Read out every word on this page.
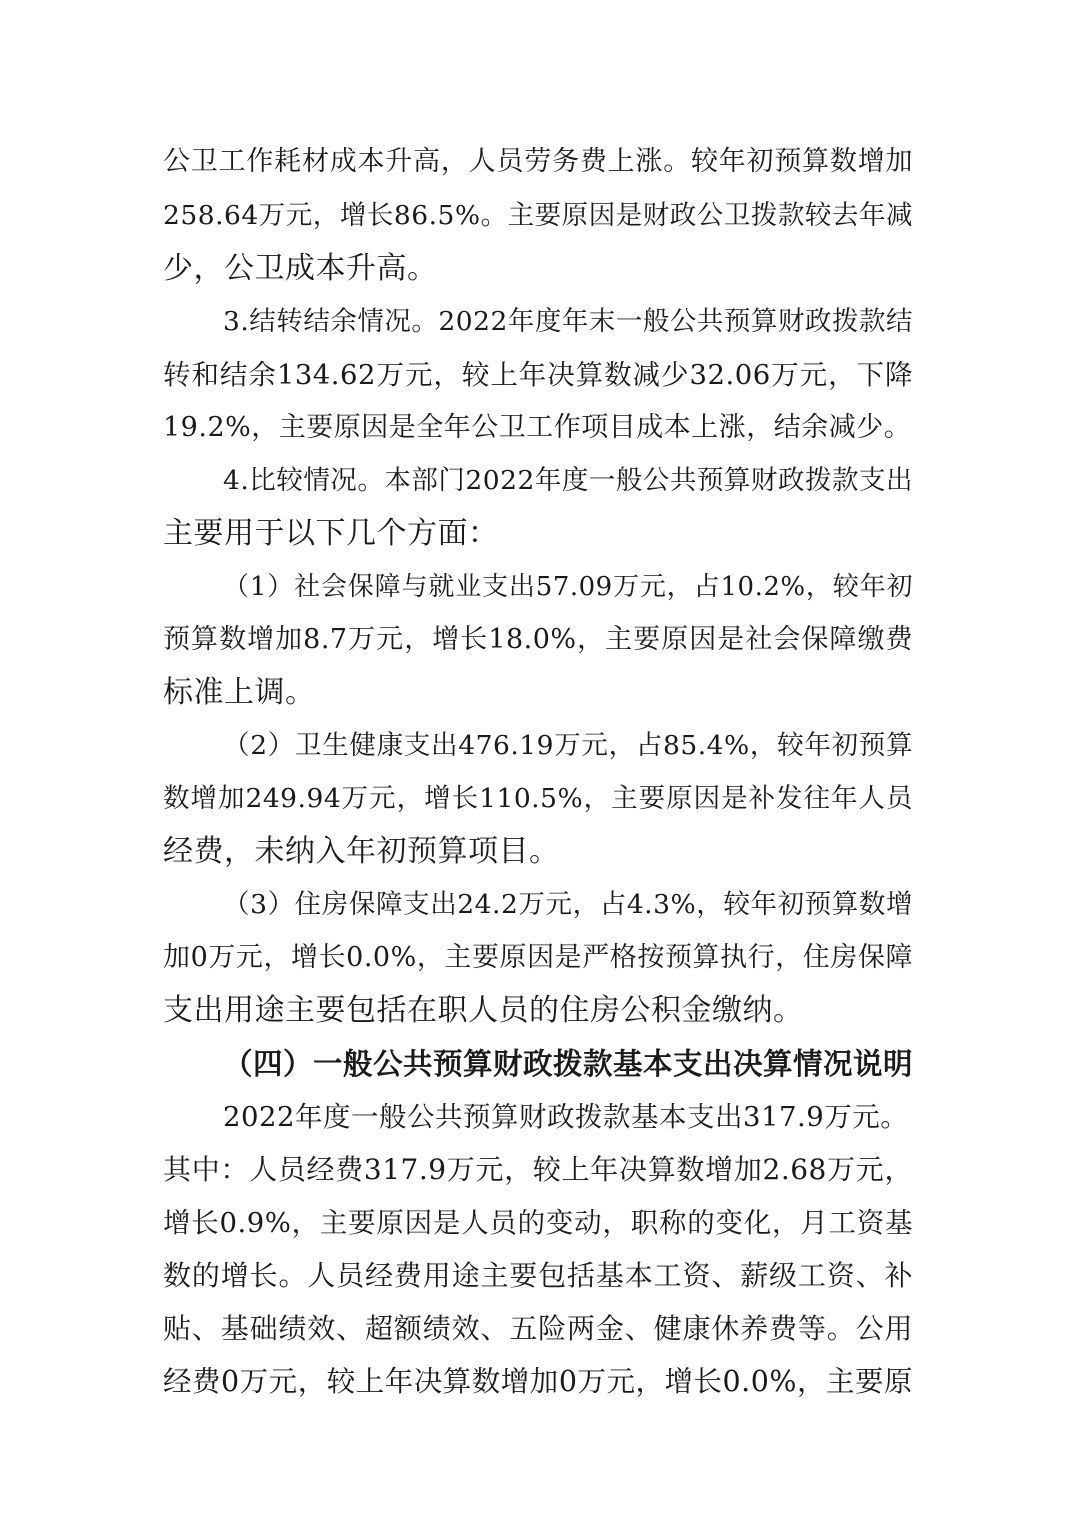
公卫工作耗材成本升高，人员劳务费上涨。较年初预算数增加
258.64万元，增长86.5%。主要原因是财政公卫拨款较去年减
少，公卫成本升高。
3.结转结余情况。2022年度年末一般公共预算财政拨款结
转和结余134.62万元，较上年决算数减少32.06万元，下降
19.2%，主要原因是全年公卫工作项目成本上涨，结余减少。
4.比较情况。本部门2022年度一般公共预算财政拨款支出
主要用于以下几个方面：
（1）社会保障与就业支出57.09万元，占10.2%，较年初
预算数增加8.7万元，增长18.0%，主要原因是社会保障缴费
标准上调。
（2）卫生健康支出476.19万元，占85.4%，较年初预算
数增加249.94万元，增长110.5%，主要原因是补发往年人员
经费，未纳入年初预算项目。
（3）住房保障支出24.2万元，占4.3%，较年初预算数增
加0万元，增长0.0%，主要原因是严格按预算执行，住房保障
支出用途主要包括在职人员的住房公积金缴纳。
（四）一般公共预算财政拨款基本支出决算情况说明
2022年度一般公共预算财政拨款基本支出317.9万元。
其中：人员经费317.9万元，较上年决算数增加2.68万元，
增长0.9%，主要原因是人员的变动，职称的变化，月工资基
数的增长。人员经费用途主要包括基本工资、薪级工资、补
贴、基础绩效、超额绩效、五险两金、健康休养费等。公用
经费0万元，较上年决算数增加0万元，增长0.0%，主要原
